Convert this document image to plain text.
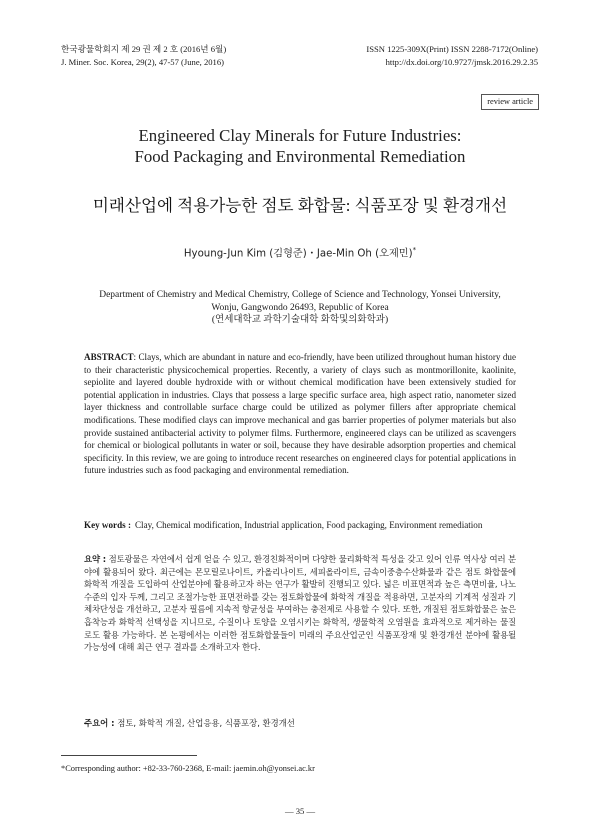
한국광물학회지 제 29 권 제 2 호 (2016년 6월)
J. Miner. Soc. Korea, 29(2), 47-57 (June, 2016)
ISSN 1225-309X(Print) ISSN 2288-7172(Online)
http://dx.doi.org/10.9727/jmsk.2016.29.2.35
review article
Engineered Clay Minerals for Future Industries:
Food Packaging and Environmental Remediation
미래산업에 적용가능한 점토 화합물: 식품포장 및 환경개선
Hyoung-Jun Kim (김형준)・Jae-Min Oh (오제민)*
Department of Chemistry and Medical Chemistry, College of Science and Technology, Yonsei University,
Wonju, Gangwondo 26493, Republic of Korea
(연세대학교 과학기술대학 화학및의화학과)
ABSTRACT: Clays, which are abundant in nature and eco-friendly, have been utilized throughout human history due to their characteristic physicochemical properties. Recently, a variety of clays such as montmorillonite, kaolinite, sepiolite and layered double hydroxide with or without chemical modification have been extensively studied for potential application in industries. Clays that possess a large specific surface area, high aspect ratio, nanometer sized layer thickness and controllable surface charge could be utilized as polymer fillers after appropriate chemical modifications. These modified clays can improve mechanical and gas barrier properties of polymer materials but also provide sustained antibacterial activity to polymer films. Furthermore, engineered clays can be utilized as scavengers for chemical or biological pollutants in water or soil, because they have desirable adsorption properties and chemical specificity. In this review, we are going to introduce recent researches on engineered clays for potential applications in future industries such as food packaging and environmental remediation.
Key words : Clay, Chemical modification, Industrial application, Food packaging, Environment remediation
요약 : 점토광물은 자연에서 쉽게 얻을 수 있고, 환경친화적이며 다양한 물리화학적 특성을 갖고 있어 인류 역사상 여러 분야에 활용되어 왔다. 최근에는 몬모릴로나이트, 카올리나이트, 세피올라이트, 금속이중층수산화물과 같은 점토 화합물에 화학적 개질을 도입하여 산업분야에 활용하고자 하는 연구가 활발히 진행되고 있다. 넓은 비표면적과 높은 측면비율, 나노수준의 입자 두께, 그리고 조절가능한 표면전하를 갖는 점토화합물에 화학적 개질을 적용하면, 고분자의 기계적 성질과 기체차단성을 개선하고, 고분자 필름에 지속적 항균성을 부여하는 충전제로 사용할 수 있다. 또한, 개질된 점토화합물은 높은 흡착능과 화학적 선택성을 지니므로, 수질이나 토양을 오염시키는 화학적, 생물학적 오염원을 효과적으로 제거하는 물질로도 활용 가능하다. 본 논평에서는 이러한 점토화합물들이 미래의 주요산업군인 식품포장재 및 환경개선 분야에 활용될 가능성에 대해 최근 연구 결과를 소개하고자 한다.
주요어 : 점토, 화학적 개질, 산업응용, 식품포장, 환경개선
*Corresponding author: +82-33-760-2368, E-mail: jaemin.oh@yonsei.ac.kr
― 35 ―
